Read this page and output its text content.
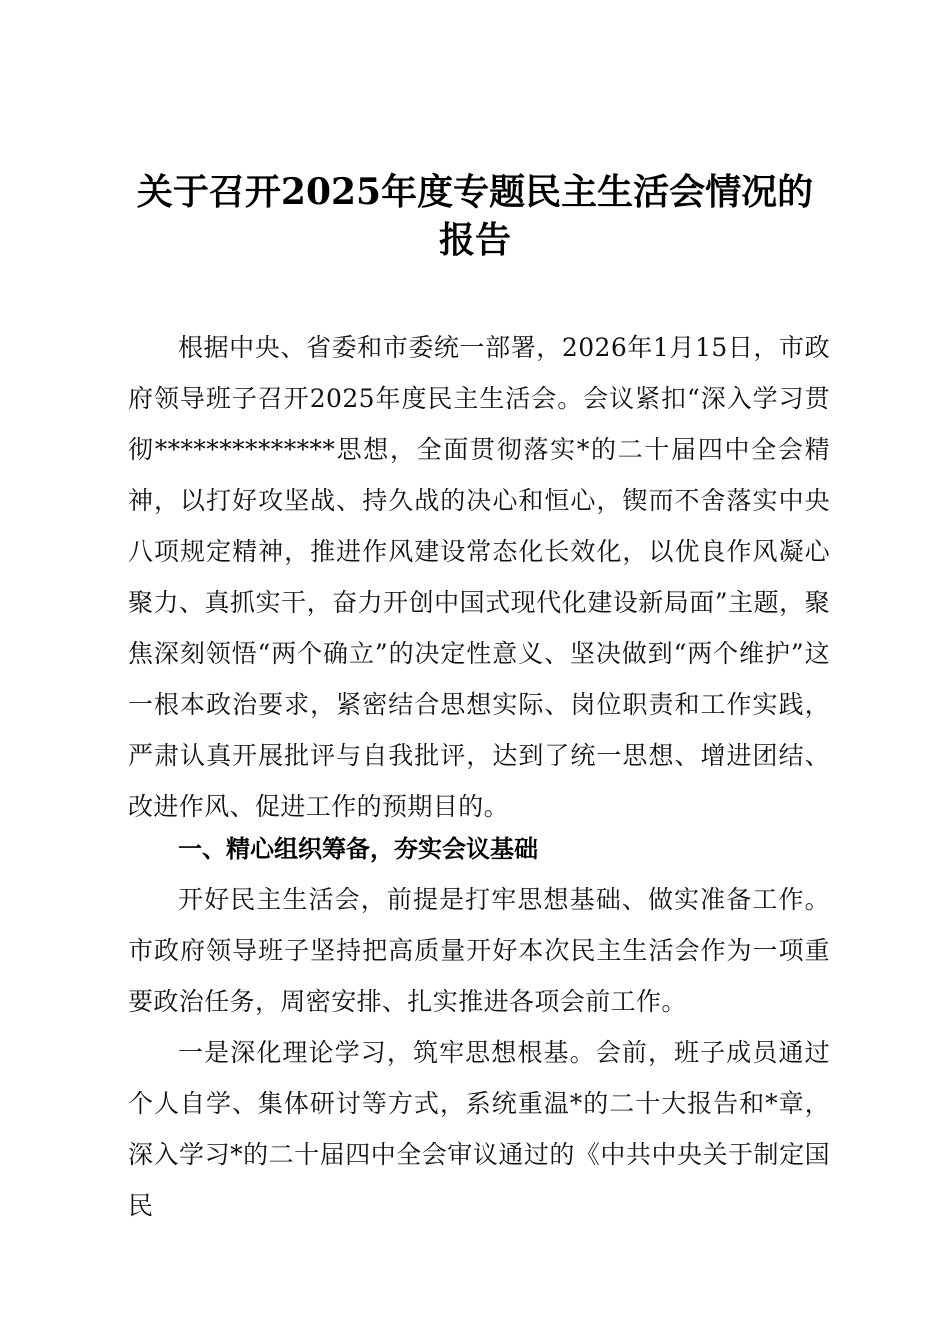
关于召开2025年度专题民主生活会情况的
报告

根据中央、省委和市委统一部署，2026年1月15日，市政府领导班子召开2025年度民主生活会。会议紧扣“深入学习贯彻**************思想，全面贯彻落实*的二十届四中全会精神，以打好攻坚战、持久战的决心和恒心，锲而不舍落实中央八项规定精神，推进作风建设常态化长效化，以优良作风凝心聚力、真抓实干，奋力开创中国式现代化建设新局面”主题，聚焦深刻领悟“两个确立”的决定性意义、坚决做到“两个维护”这一根本政治要求，紧密结合思想实际、岗位职责和工作实践，严肃认真开展批评与自我批评，达到了统一思想、增进团结、改进作风、促进工作的预期目的。

一、精心组织筹备，夯实会议基础

开好民主生活会，前提是打牢思想基础、做实准备工作。市政府领导班子坚持把高质量开好本次民主生活会作为一项重要政治任务，周密安排、扎实推进各项会前工作。

一是深化理论学习，筑牢思想根基。会前，班子成员通过个人自学、集体研讨等方式，系统重温*的二十大报告和*章，深入学习*的二十届四中全会审议通过的《中共中央关于制定国民
